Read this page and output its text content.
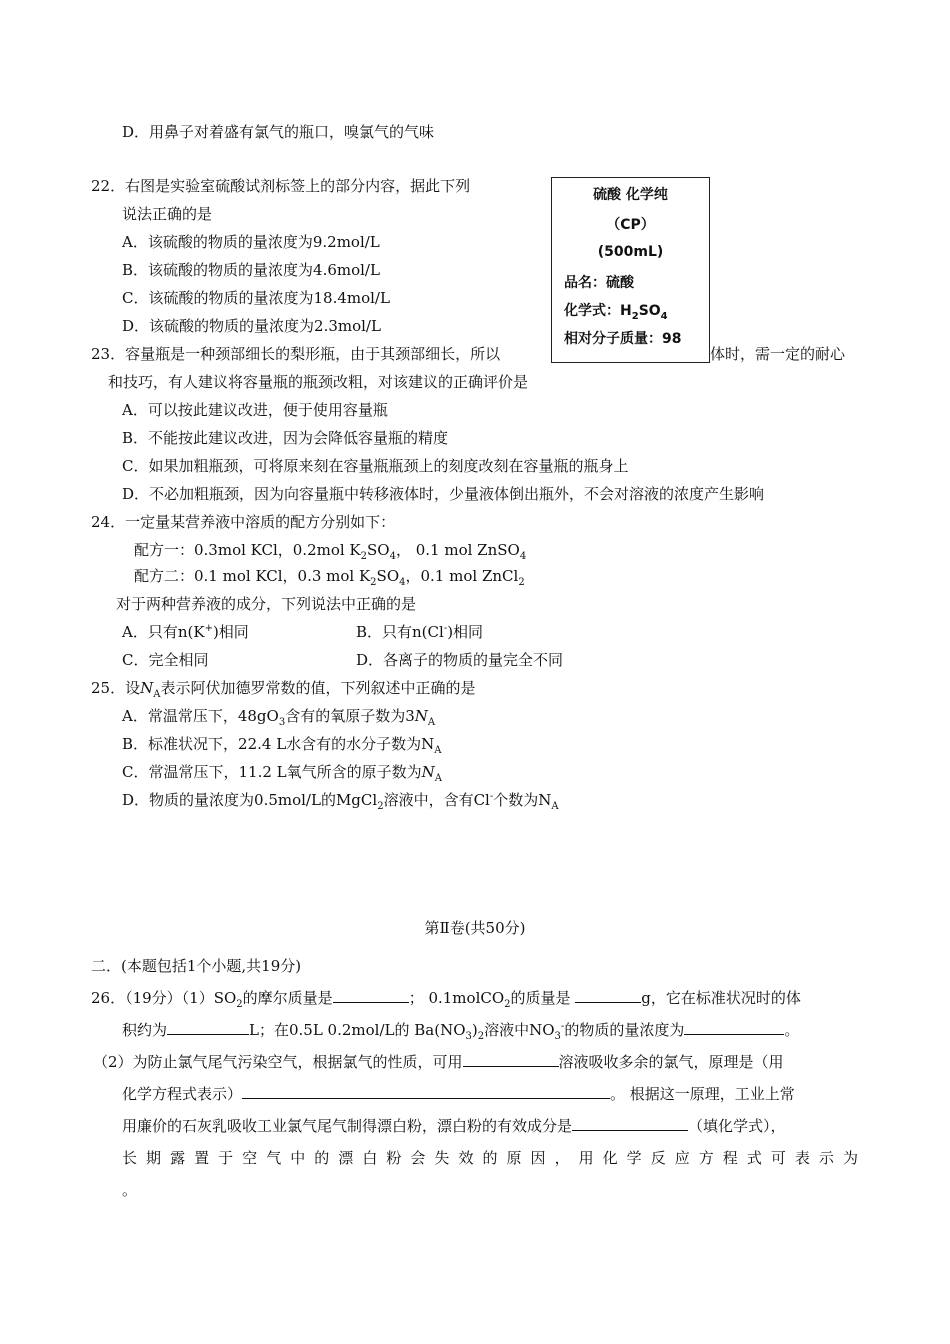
D．用鼻子对着盛有氯气的瓶口，嗅氯气的气味
22．右图是实验室硫酸试剂标签上的部分内容，据此下列
说法正确的是
A．该硫酸的物质的量浓度为9.2mol/L
B．该硫酸的物质的量浓度为4.6mol/L
C．该硫酸的物质的量浓度为18.4mol/L
D．该硫酸的物质的量浓度为2.3mol/L
23．容量瓶是一种颈部细长的梨形瓶，由于其颈部细长，所以	体时，需一定的耐心
和技巧，有人建议将容量瓶的瓶颈改粗，对该建议的正确评价是
A．可以按此建议改进，便于使用容量瓶
B．不能按此建议改进，因为会降低容量瓶的精度
C．如果加粗瓶颈，可将原来刻在容量瓶瓶颈上的刻度改刻在容量瓶的瓶身上
D．不必加粗瓶颈，因为向容量瓶中转移液体时，少量液体倒出瓶外，不会对溶液的浓度产生影响
硫酸 化学纯
（CP）
(500mL)
品名：硫酸
化学式：$H_2SO_4$
相对分子质量：98
24．一定量某营养液中溶质的配方分别如下：
配方一：0.3mol KCl，0.2mol $K_2SO_4$， 0.1 mol ZnSO$_4$
配方二：0.1 mol KCl，0.3 mol $K_2SO_4$，0.1 mol ZnCl$_2$
对于两种营养液的成分，下列说法中正确的是
A．只有n(K+)相同	B．只有n(Cl-)相同
C．完全相同	D．各离子的物质的量完全不同
25．设$N_A$表示阿伏加德罗常数的值，下列叙述中正确的是
A．常温常压下，$48gO_3$含有的氧原子数为$3N_A$
B．标准状况下，22.4 L水含有的水分子数为$N_A$
C．常温常压下，11.2 L氧气所含的原子数为$N_A$
D．物质的量浓度为0.5mol/L的MgCl$_2$溶液中，含有Cl-个数为$N_A$
第Ⅱ卷(共50分)
二．(本题包括1个小题,共19分)
26．（19分）$(1)SO_2$的摩尔质量是	； 0.1molCO$_2$的质量是	g，它在标准状况时的体
积约为	L；在0.5L 0.2mol/L的 $Ba(NO_3)_2$溶液中$NO_3^-$的物质的量浓度为	。
（2）为防止氯气尾气污染空气，根据氯气的性质，可用	溶液吸收多余的氯气，原理是（用
化学方程式表示）	。 根据这一原理，工业上常
用廉价的石灰乳吸收工业氯气尾气制得漂白粉，漂白粉的有效成分是	（填化学式），
长 期 露 置 于 空 气 中 的 漂 白 粉 会 失 效 的 原 因 ， 用 化 学 反 应 方 程 式 可 表 示 为
。
